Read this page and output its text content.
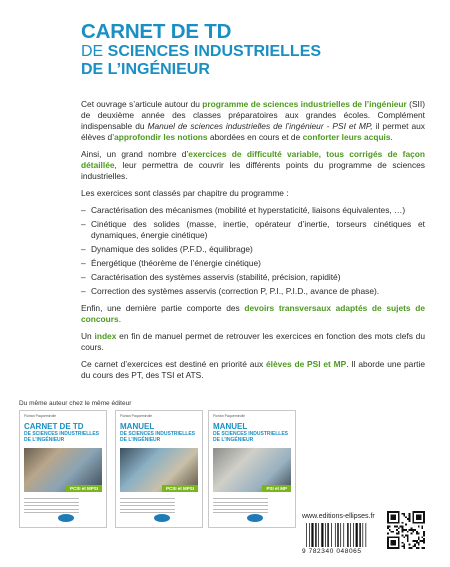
CARNET DE TD
DE SCIENCES INDUSTRIELLES
DE L’INGÉNIEUR

Cet ouvrage s’articule autour du programme de sciences industrielles de l’ingénieur (SII) de deuxième année des classes préparatoires aux grandes écoles. Complément indispensable du Manuel de sciences industrielles de l’ingénieur - PSI et MP, il permet aux élèves d’approfondir les notions abordées en cours et de conforter leurs acquis.

Ainsi, un grand nombre d’exercices de difficulté variable, tous corrigés de façon détaillée, leur permettra de couvrir les différents points du programme de sciences industrielles.

Les exercices sont classés par chapitre du programme :

– Caractérisation des mécanismes (mobilité et hyperstaticité, liaisons équivalentes, …)
– Cinétique des solides (masse, inertie, opérateur d’inertie, torseurs cinétiques et dynamiques, énergie cinétique)
– Dynamique des solides (P.F.D., équilibrage)
– Énergétique (théorème de l’énergie cinétique)
– Caractérisation des systèmes asservis (stabilité, précision, rapidité)
– Correction des systèmes asservis (correction P, P.I., P.I.D., avance de phase).

Enfin, une dernière partie comporte des devoirs transversaux adaptés de sujets de concours.

Un index en fin de manuel permet de retrouver les exercices en fonction des mots clefs du cours.

Ce carnet d’exercices est destiné en priorité aux élèves de PSI et MP. Il aborde une partie du cours des PT, des TSI et ATS.

Du même auteur chez le même éditeur
Florian Paquemirolle
CARNET DE TD
DE SCIENCES INDUSTRIELLES
DE L’INGÉNIEUR
PCSI et MPSI
Florian Paquemirolle
MANUEL
DE SCIENCES INDUSTRIELLES
DE L’INGÉNIEUR
PCSI et MPSI
Florian Paquemirolle
MANUEL
DE SCIENCES INDUSTRIELLES
DE L’INGÉNIEUR
PSI et MP
www.editions-ellipses.fr
9 782340 048065
